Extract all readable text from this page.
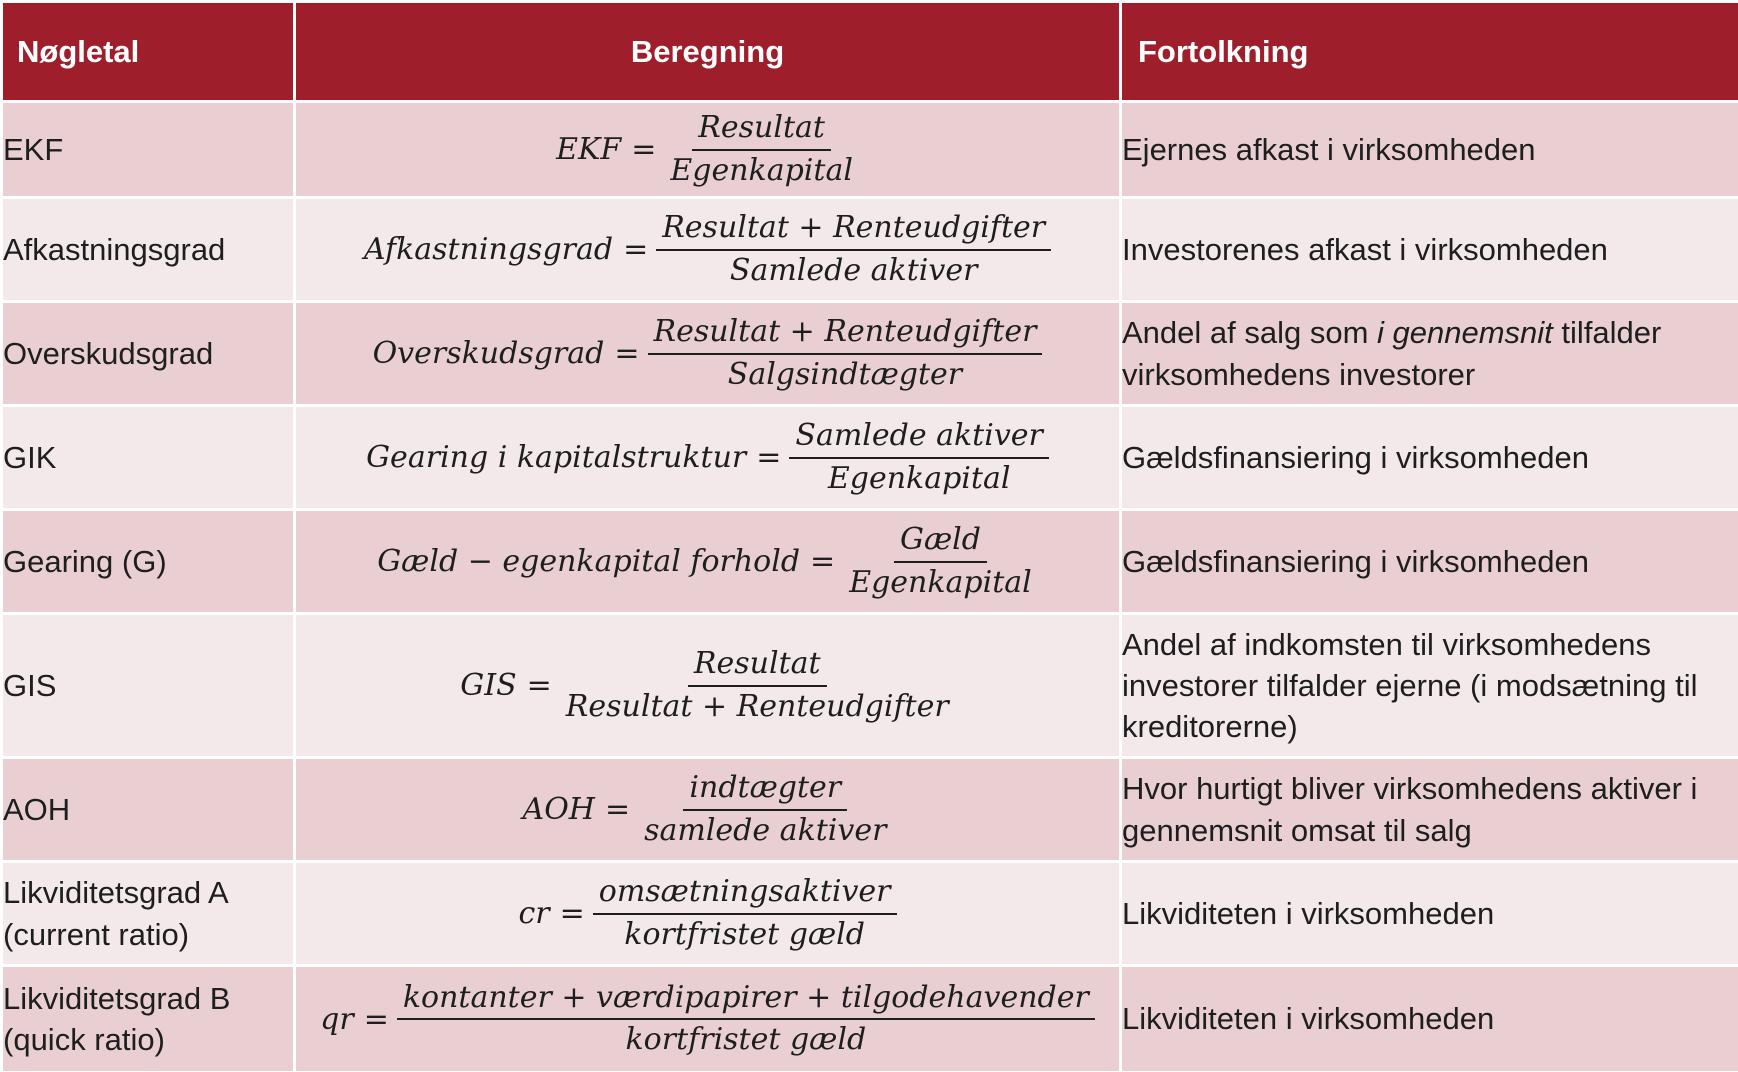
Nøgletal	Beregning	Fortolkning
EKF	EKF = $\frac{\text{Resultat}}{\text{Egenkapital}}$	Ejernes afkast i virksomheden
Afkastningsgrad	Afkastningsgrad = $\frac{\text{Resultat + Renteudgifter}}{\text{Samlede aktiver}}$	Investorenes afkast i virksomheden
Overskudsgrad	Overskudsgrad = $\frac{\text{Resultat + Renteudgifter}}{\text{Salgsindtægter}}$	Andel af salg som i gennemsnit tilfalder virksomhedens investorer
GIK	Gearing i kapitalstruktur = $\frac{\text{Samlede aktiver}}{\text{Egenkapital}}$	Gældsfinansiering i virksomheden
Gearing (G)	Gæld − egenkapital forhold = $\frac{\text{Gæld}}{\text{Egenkapital}}$	Gældsfinansiering i virksomheden
GIS	GIS = $\frac{\text{Resultat}}{\text{Resultat + Renteudgifter}}$	Andel af indkomsten til virksomhedens investorer tilfalder ejerne (i modsætning til kreditorerne)
AOH	AOH = $\frac{\text{indtægter}}{\text{samlede aktiver}}$	Hvor hurtigt bliver virksomhedens aktiver i gennemsnit omsat til salg
Likviditetsgrad A (current ratio)	cr = $\frac{\text{omsætningsaktiver}}{\text{kortfristet gæld}}$	Likviditeten i virksomheden
Likviditetsgrad B (quick ratio)	qr = $\frac{\text{kontanter + værdipapirer + tilgodehavender}}{\text{kortfristet gæld}}$	Likviditeten i virksomheden
